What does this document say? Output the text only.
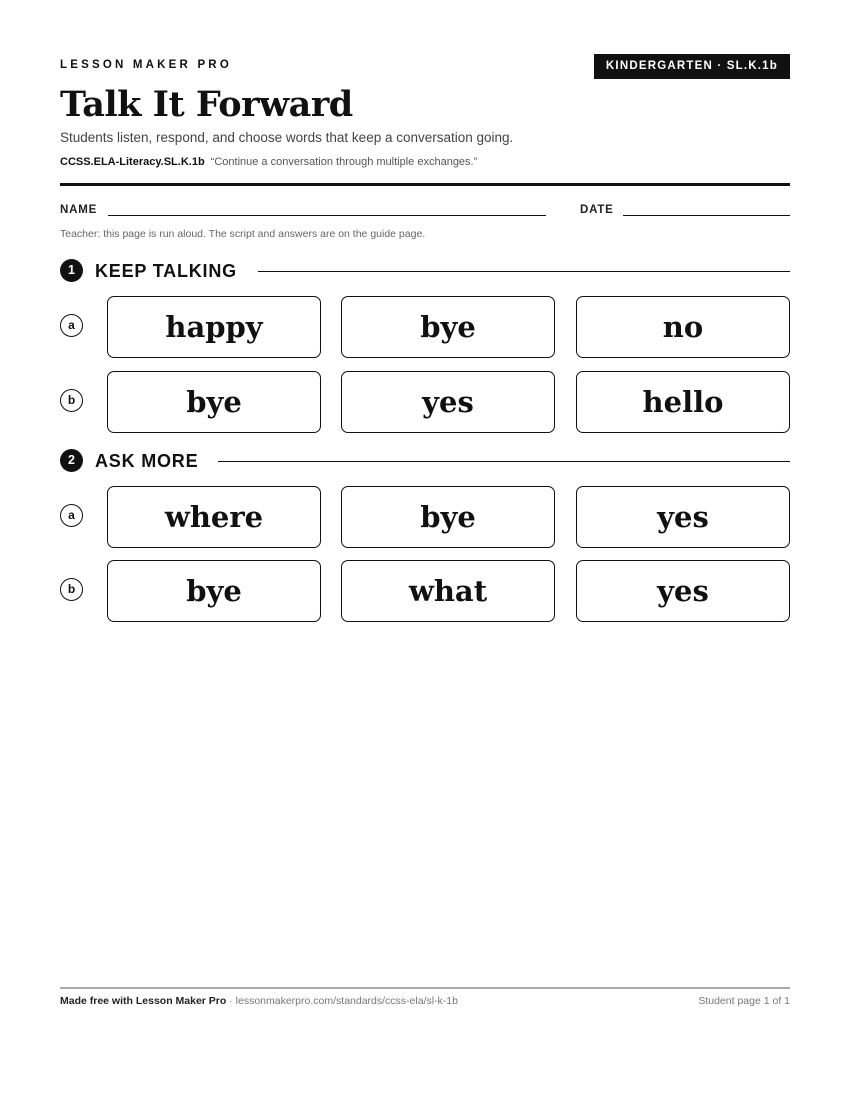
LESSON MAKER PRO	KINDERGARTEN · SL.K.1b
Talk It Forward
Students listen, respond, and choose words that keep a conversation going.
CCSS.ELA-Literacy.SL.K.1b “Continue a conversation through multiple exchanges.”
NAME	DATE
Teacher: this page is run aloud. The script and answers are on the guide page.
1	KEEP TALKING
a	happy	bye	no
b	bye	yes	hello
2	ASK MORE
a	where	bye	yes
b	bye	what	yes
Made free with Lesson Maker Pro · lessonmakerpro.com/standards/ccss-ela/sl-k-1b	Student page 1 of 1
